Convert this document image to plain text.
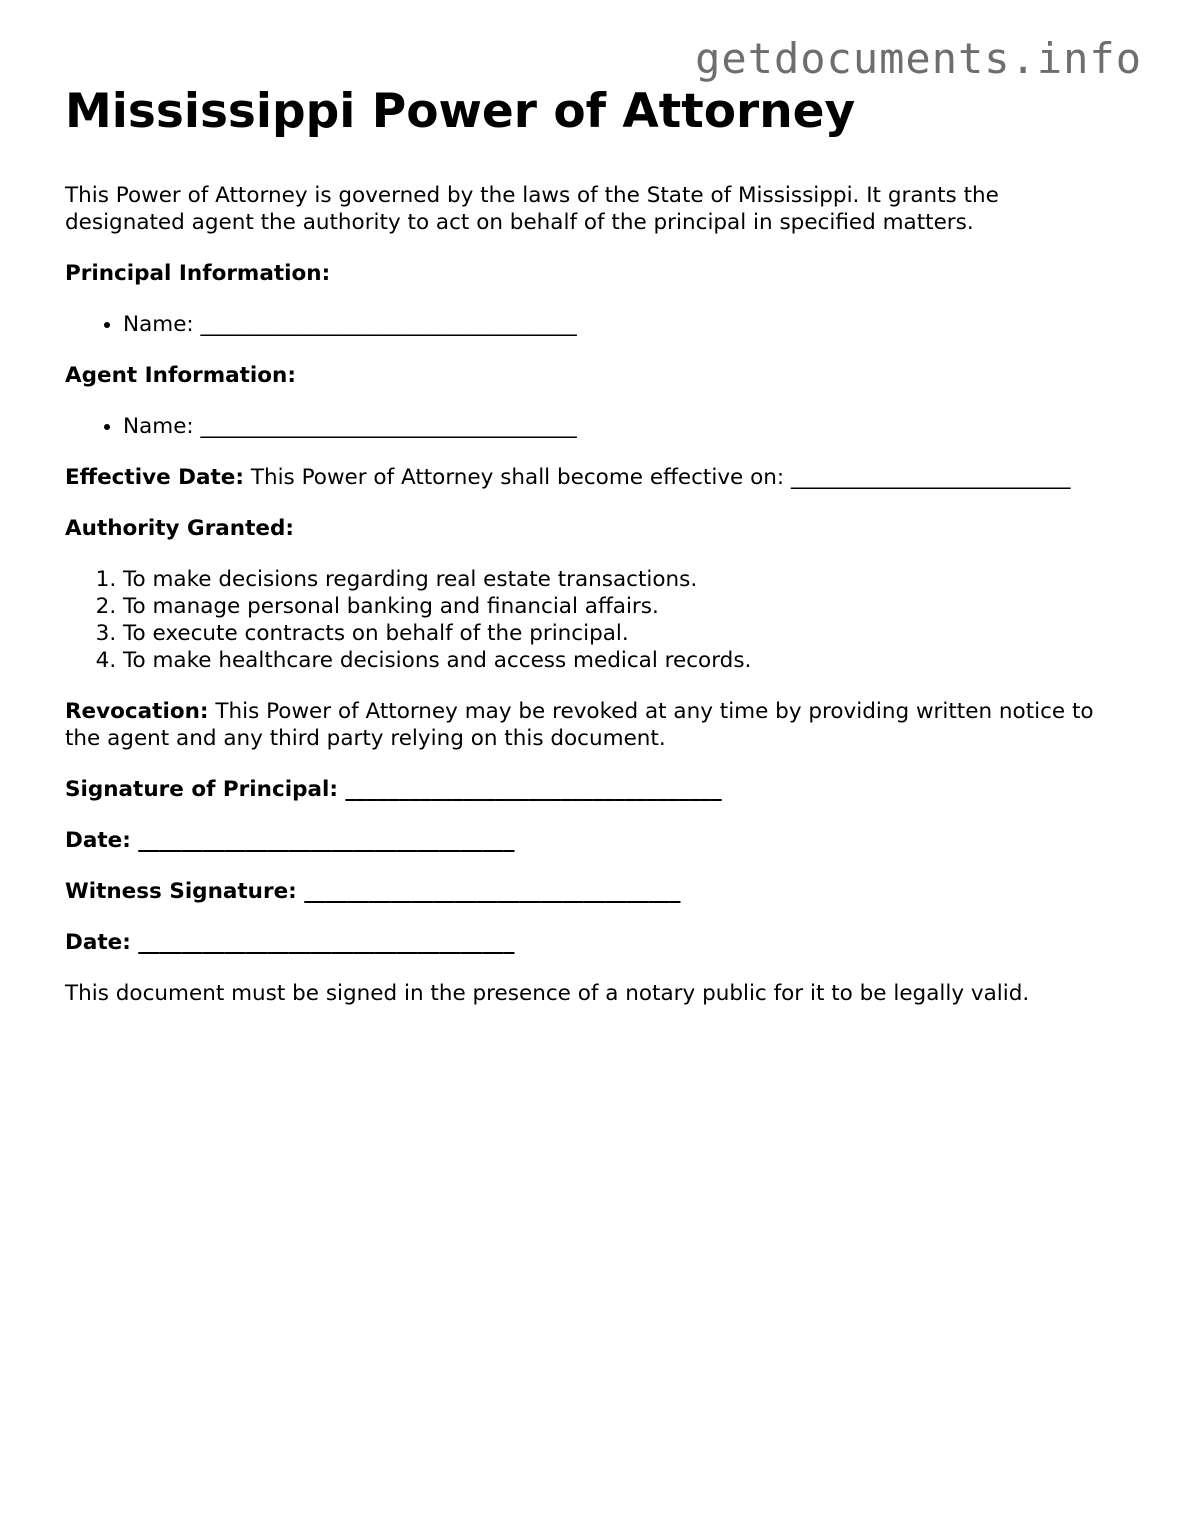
getdocuments.info
Mississippi Power of Attorney

This Power of Attorney is governed by the laws of the State of Mississippi. It grants the designated agent the authority to act on behalf of the principal in specified matters.

Principal Information:

• Name: ___________________________________

Agent Information:

• Name: ___________________________________

Effective Date: This Power of Attorney shall become effective on: __________________________

Authority Granted:

1. To make decisions regarding real estate transactions.
2. To manage personal banking and financial affairs.
3. To execute contracts on behalf of the principal.
4. To make healthcare decisions and access medical records.

Revocation: This Power of Attorney may be revoked at any time by providing written notice to the agent and any third party relying on this document.

Signature of Principal: ___________________________________

Date: ___________________________________

Witness Signature: ___________________________________

Date: ___________________________________

This document must be signed in the presence of a notary public for it to be legally valid.
